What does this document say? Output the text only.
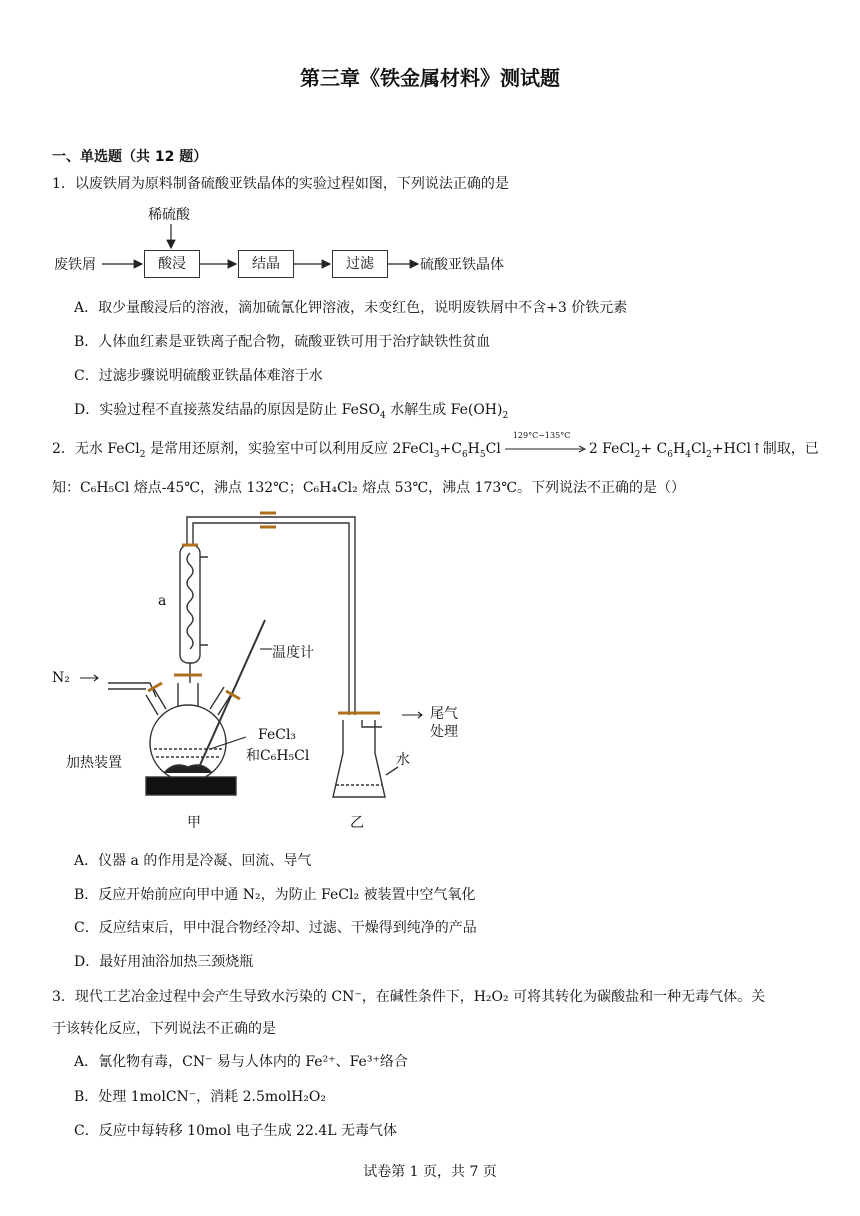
第三章《铁金属材料》测试题
一、单选题（共 12 题）
1．以废铁屑为原料制备硫酸亚铁晶体的实验过程如图，下列说法正确的是
稀硫酸
废铁屑	酸浸	结晶	过滤	硫酸亚铁晶体
A．取少量酸浸后的溶液，滴加硫氰化钾溶液，未变红色，说明废铁屑中不含+3 价铁元素
B．人体血红素是亚铁离子配合物，硫酸亚铁可用于治疗缺铁性贫血
C．过滤步骤说明硫酸亚铁晶体难溶于水
D．实验过程不直接蒸发结晶的原因是防止 FeSO$_4$ 水解生成 $Fe(OH)_2$
2．无水 FeCl$_2$ 是常用还原剂，实验室中可以利用反应 $2FeCl_3+C_6H_5Cl$
129°C~135°C
2 FeCl$_2$+ $C_6H_4Cl_2+HCl↑$制取，已
知：C₆H₅Cl 熔点-45℃，沸点 132℃；C₆H₄Cl₂ 熔点 53℃，沸点 173℃。下列说法不正确的是（）
a
温度计
N₂
FeCl₃
和C₆H₅Cl
加热装置
甲	乙
水
尾气
处理
A．仪器 a 的作用是冷凝、回流、导气
B．反应开始前应向甲中通 N₂，为防止 FeCl₂ 被装置中空气氧化
C．反应结束后，甲中混合物经冷却、过滤、干燥得到纯净的产品
D．最好用油浴加热三颈烧瓶
3．现代工艺冶金过程中会产生导致水污染的 CN⁻，在碱性条件下，H₂O₂ 可将其转化为碳酸盐和一种无毒气体。关
于该转化反应，下列说法不正确的是
A．氰化物有毒，CN⁻ 易与人体内的 Fe²⁺、Fe³⁺络合
B．处理 1molCN⁻，消耗 2.5molH₂O₂
C．反应中每转移 10mol 电子生成 22.4L 无毒气体
试卷第 1 页，共 7 页
